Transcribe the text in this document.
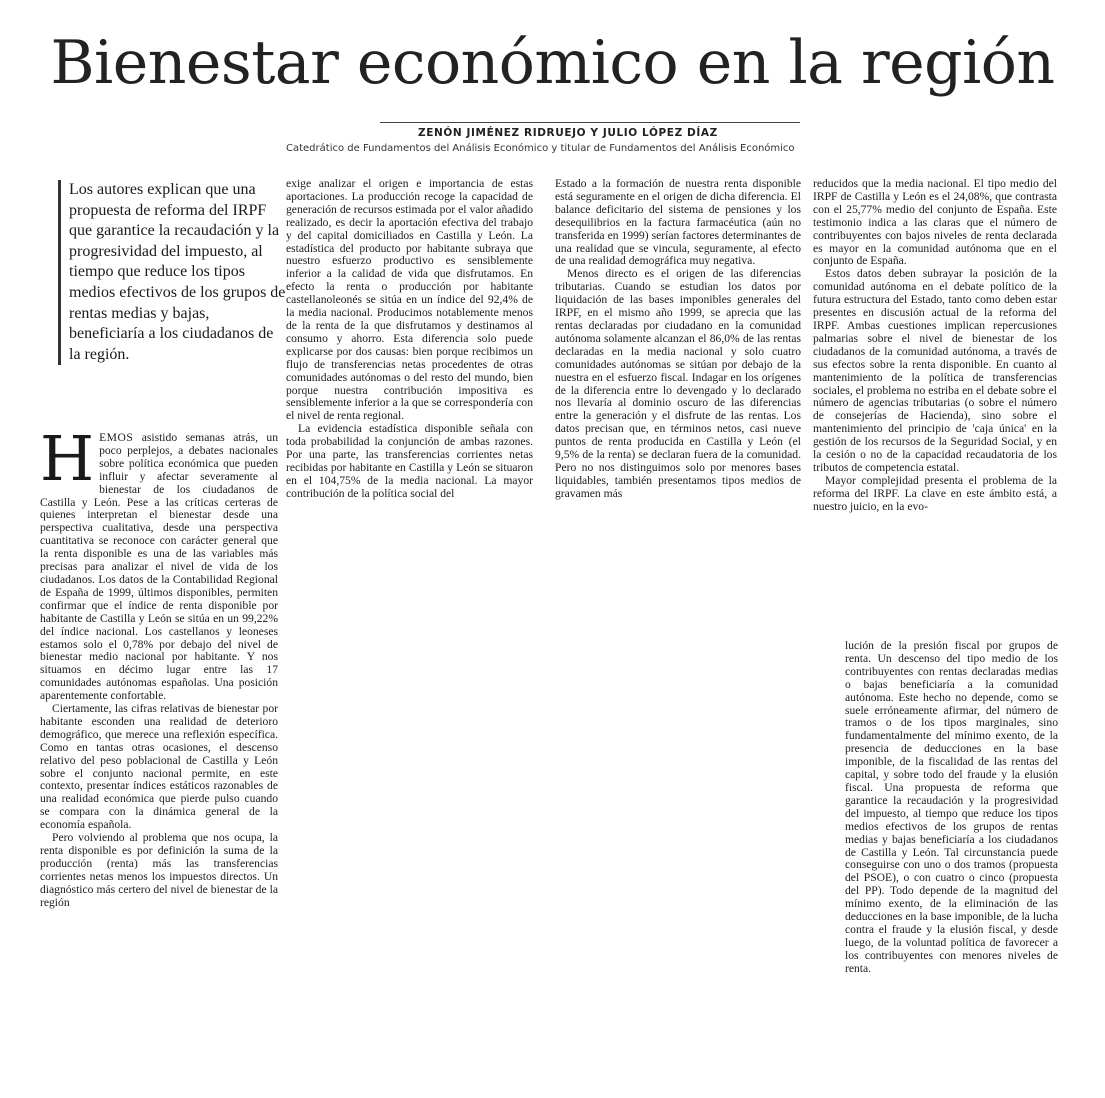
Bienestar económico en la región
ZENÓN JIMÉNEZ RIDRUEJO Y JULIO LÓPEZ DÍAZ
Catedrático de Fundamentos del Análisis Económico y titular de Fundamentos del Análisis Económico
Los autores explican que una propuesta de reforma del IRPF que garantice la recaudación y la progresividad del impuesto, al tiempo que reduce los tipos medios efectivos de los grupos de rentas medias y bajas, beneficiaría a los ciudadanos de la región.

HEMOS asistido semanas atrás, un poco perplejos, a debates nacionales sobre política económica que pueden influir y afectar severamente al bienestar de los ciudadanos de Castilla y León. Pese a las críticas certeras de quienes interpretan el bienestar desde una perspectiva cualitativa, desde una perspectiva cuantitativa se reconoce con carácter general que la renta disponible es una de las variables más precisas para analizar el nivel de vida de los ciudadanos. Los datos de la Contabilidad Regional de España de 1999, últimos disponibles, permiten confirmar que el índice de renta disponible por habitante de Castilla y León se sitúa en un 99,22% del índice nacional. Los castellanos y leoneses estamos solo el 0,78% por debajo del nivel de bienestar medio nacional por habitante. Y nos situamos en décimo lugar entre las 17 comunidades autónomas españolas. Una posición aparentemente confortable.

Ciertamente, las cifras relativas de bienestar por habitante esconden una realidad de deterioro demográfico, que merece una reflexión específica. Como en tantas otras ocasiones, el descenso relativo del peso poblacional de Castilla y León sobre el conjunto nacional permite, en este contexto, presentar índices estáticos razonables de una realidad económica que pierde pulso cuando se compara con la dinámica general de la economía española.

Pero volviendo al problema que nos ocupa, la renta disponible es por definición la suma de la producción (renta) más las transferencias corrientes netas menos los impuestos directos. Un diagnóstico más certero del nivel de bienestar de la región

exige analizar el origen e importancia de estas aportaciones. La producción recoge la capacidad de generación de recursos estimada por el valor añadido realizado, es decir la aportación efectiva del trabajo y del capital domiciliados en Castilla y León. La estadística del producto por habitante subraya que nuestro esfuerzo productivo es sensiblemente inferior a la calidad de vida que disfrutamos. En efecto la renta o producción por habitante castellanoleonés se sitúa en un índice del 92,4% de la media nacional. Producimos notablemente menos de la renta de la que disfrutamos y destinamos al consumo y ahorro. Esta diferencia solo puede explicarse por dos causas: bien porque recibimos un flujo de transferencias netas procedentes de otras comunidades autónomas o del resto del mundo, bien porque nuestra contribución impositiva es sensiblemente inferior a la que se correspondería con el nivel de renta regional.

La evidencia estadística disponible señala con toda probabilidad la conjunción de ambas razones. Por una parte, las transferencias corrientes netas recibidas por habitante en Castilla y León se situaron en el 104,75% de la media nacional. La mayor contribución de la política social del

Estado a la formación de nuestra renta disponible está seguramente en el origen de dicha diferencia. El balance deficitario del sistema de pensiones y los desequilibrios en la factura farmacéutica (aún no transferida en 1999) serían factores determinantes de una realidad que se vincula, seguramente, al efecto de una realidad demográfica muy negativa.

Menos directo es el origen de las diferencias tributarias. Cuando se estudian los datos por liquidación de las bases imponibles generales del IRPF, en el mismo año 1999, se aprecia que las rentas declaradas por ciudadano en la comunidad autónoma solamente alcanzan el 86,0% de las rentas declaradas en la media nacional y solo cuatro comunidades autónomas se sitúan por debajo de la nuestra en el esfuerzo fiscal. Indagar en los orígenes de la diferencia entre lo devengado y lo declarado nos llevaría al dominio oscuro de las diferencias entre la generación y el disfrute de las rentas. Los datos precisan que, en términos netos, casi nueve puntos de renta producida en Castilla y León (el 9,5% de la renta) se declaran fuera de la comunidad. Pero no nos distinguimos solo por menores bases liquidables, también presentamos tipos medios de gravamen más

reducidos que la media nacional. El tipo medio del IRPF de Castilla y León es el 24,08%, que contrasta con el 25,77% medio del conjunto de España. Este testimonio indica a las claras que el número de contribuyentes con bajos niveles de renta declarada es mayor en la comunidad autónoma que en el conjunto de España.

Estos datos deben subrayar la posición de la comunidad autónoma en el debate político de la futura estructura del Estado, tanto como deben estar presentes en discusión actual de la reforma del IRPF. Ambas cuestiones implican repercusiones palmarias sobre el nivel de bienestar de los ciudadanos de la comunidad autónoma, a través de sus efectos sobre la renta disponible. En cuanto al mantenimiento de la política de transferencias sociales, el problema no estriba en el debate sobre el número de agencias tributarias (o sobre el número de consejerías de Hacienda), sino sobre el mantenimiento del principio de 'caja única' en la gestión de los recursos de la Seguridad Social, y en la cesión o no de la capacidad recaudatoria de los tributos de competencia estatal.

Mayor complejidad presenta el problema de la reforma del IRPF. La clave en este ámbito está, a nuestro juicio, en la evo-

lución de la presión fiscal por grupos de renta. Un descenso del tipo medio de los contribuyentes con rentas declaradas medias o bajas beneficiaría a la comunidad autónoma. Este hecho no depende, como se suele erróneamente afirmar, del número de tramos o de los tipos marginales, sino fundamentalmente del mínimo exento, de la presencia de deducciones en la base imponible, de la fiscalidad de las rentas del capital, y sobre todo del fraude y la elusión fiscal. Una propuesta de reforma que garantice la recaudación y la progresividad del impuesto, al tiempo que reduce los tipos medios efectivos de los grupos de rentas medias y bajas beneficiaría a los ciudadanos de Castilla y León. Tal circunstancia puede conseguirse con uno o dos tramos (propuesta del PSOE), o con cuatro o cinco (propuesta del PP). Todo depende de la magnitud del mínimo exento, de la eliminación de las deducciones en la base imponible, de la lucha contra el fraude y la elusión fiscal, y desde luego, de la voluntad política de favorecer a los contribuyentes con menores niveles de renta.
